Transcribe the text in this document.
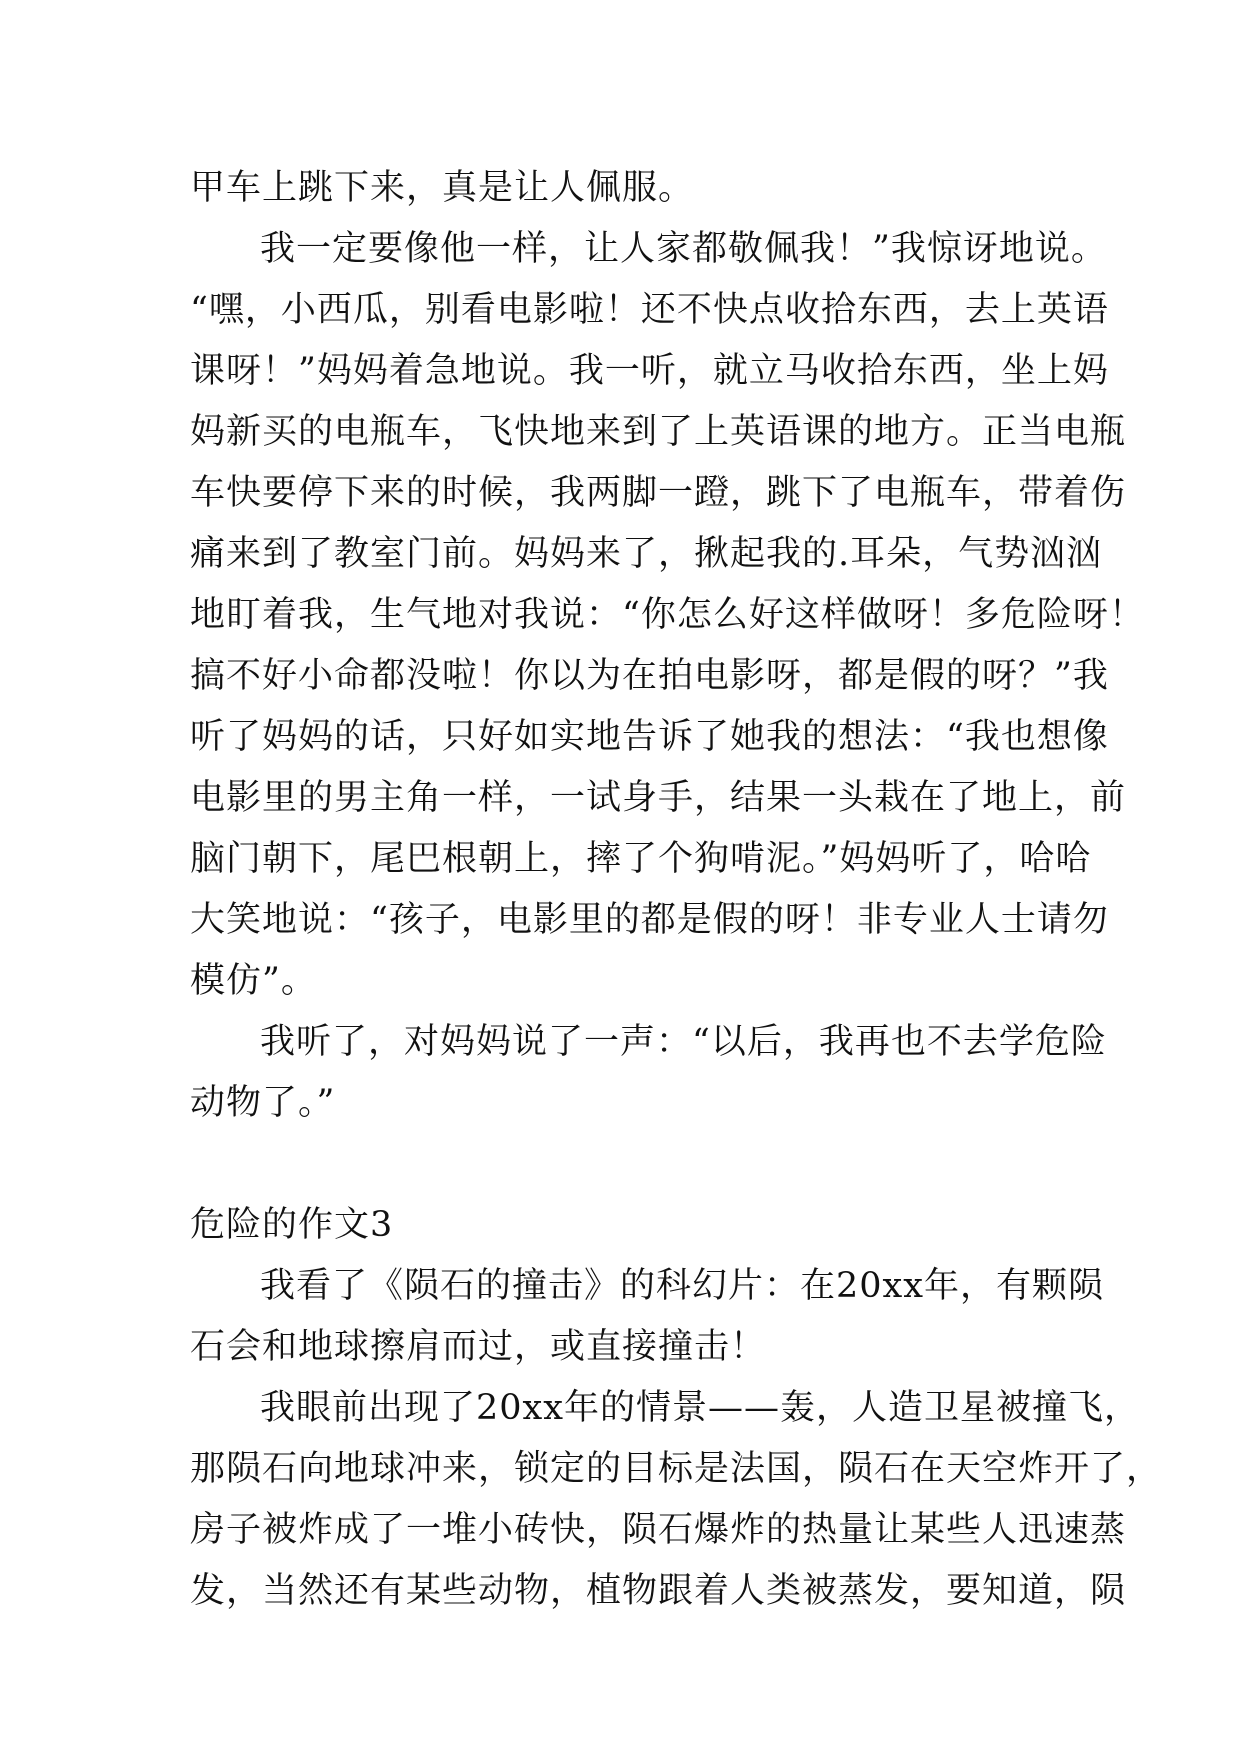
甲车上跳下来，真是让人佩服。
我一定要像他一样，让人家都敬佩我！”我惊讶地说。
“嘿，小西瓜，别看电影啦！还不快点收拾东西，去上英语
课呀！”妈妈着急地说。我一听，就立马收拾东西，坐上妈
妈新买的电瓶车，飞快地来到了上英语课的地方。正当电瓶
车快要停下来的时候，我两脚一蹬，跳下了电瓶车，带着伤
痛来到了教室门前。妈妈来了，揪起我的.耳朵，气势汹汹
地盯着我，生气地对我说：“你怎么好这样做呀！多危险呀！
搞不好小命都没啦！你以为在拍电影呀，都是假的呀？”我
听了妈妈的话，只好如实地告诉了她我的想法：“我也想像
电影里的男主角一样，一试身手，结果一头栽在了地上，前
脑门朝下，尾巴根朝上，摔了个狗啃泥。”妈妈听了，哈哈
大笑地说：“孩子，电影里的都是假的呀！非专业人士请勿
模仿”。
我听了，对妈妈说了一声：“以后，我再也不去学危险
动物了。”
危险的作文3
我看了《陨石的撞击》的科幻片：在20xx年，有颗陨
石会和地球擦肩而过，或直接撞击！
我眼前出现了20xx年的情景——轰，人造卫星被撞飞，
那陨石向地球冲来，锁定的目标是法国，陨石在天空炸开了，
房子被炸成了一堆小砖快，陨石爆炸的热量让某些人迅速蒸
发，当然还有某些动物，植物跟着人类被蒸发，要知道，陨
